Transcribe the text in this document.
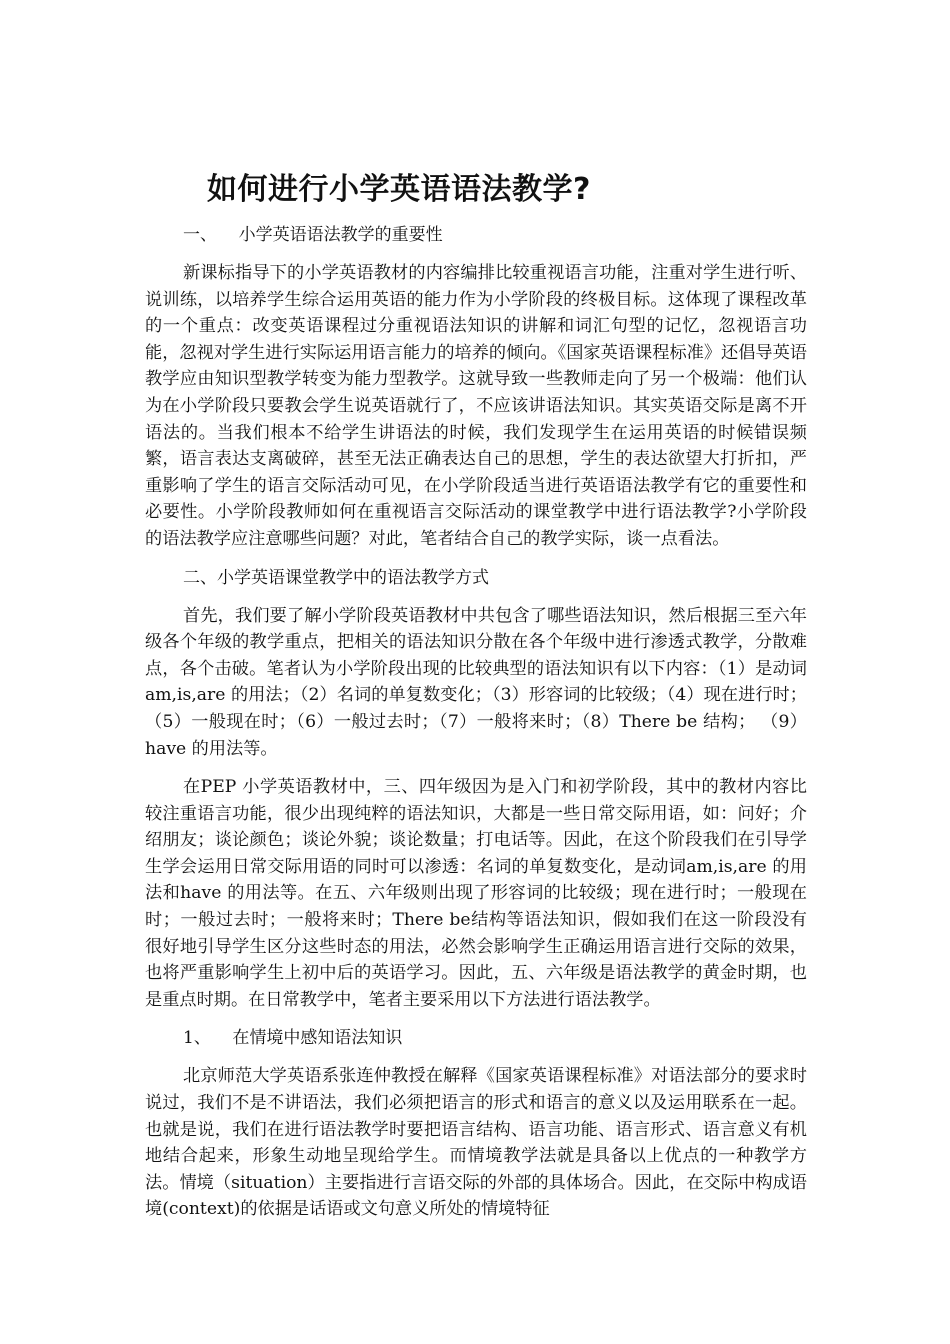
如何进行小学英语语法教学?
一、    小学英语语法教学的重要性

新课标指导下的小学英语教材的内容编排比较重视语言功能，注重对学生进行听、说训练，以培养学生综合运用英语的能力作为小学阶段的终极目标。这体现了课程改革的一个重点：改变英语课程过分重视语法知识的讲解和词汇句型的记忆，忽视语言功能，忽视对学生进行实际运用语言能力的培养的倾向。《国家英语课程标准》还倡导英语教学应由知识型教学转变为能力型教学。这就导致一些教师走向了另一个极端：他们认为在小学阶段只要教会学生说英语就行了，不应该讲语法知识。其实英语交际是离不开语法的。当我们根本不给学生讲语法的时候，我们发现学生在运用英语的时候错误频繁，语言表达支离破碎，甚至无法正确表达自己的思想，学生的表达欲望大打折扣，严重影响了学生的语言交际活动可见，在小学阶段适当进行英语语法教学有它的重要性和必要性。小学阶段教师如何在重视语言交际活动的课堂教学中进行语法教学?小学阶段的语法教学应注意哪些问题？对此，笔者结合自己的教学实际，谈一点看法。

二、小学英语课堂教学中的语法教学方式

首先，我们要了解小学阶段英语教材中共包含了哪些语法知识，然后根据三至六年级各个年级的教学重点，把相关的语法知识分散在各个年级中进行渗透式教学，分散难点，各个击破。笔者认为小学阶段出现的比较典型的语法知识有以下内容：（1）是动词am,is,are 的用法；（2）名词的单复数变化；（3）形容词的比较级；（4）现在进行时；（5）一般现在时；（6）一般过去时；（7）一般将来时；（8）There be 结构； （9）have 的用法等。

在PEP 小学英语教材中，三、四年级因为是入门和初学阶段，其中的教材内容比较注重语言功能，很少出现纯粹的语法知识，大都是一些日常交际用语，如：问好；介绍朋友；谈论颜色；谈论外貌；谈论数量；打电话等。因此，在这个阶段我们在引导学生学会运用日常交际用语的同时可以渗透：名词的单复数变化，是动词am,is,are 的用法和have 的用法等。在五、六年级则出现了形容词的比较级；现在进行时；一般现在时；一般过去时；一般将来时；There be结构等语法知识，假如我们在这一阶段没有很好地引导学生区分这些时态的用法，必然会影响学生正确运用语言进行交际的效果，也将严重影响学生上初中后的英语学习。因此，五、六年级是语法教学的黄金时期，也是重点时期。在日常教学中，笔者主要采用以下方法进行语法教学。

1、    在情境中感知语法知识

北京师范大学英语系张连仲教授在解释《国家英语课程标准》对语法部分的要求时说过，我们不是不讲语法，我们必须把语言的形式和语言的意义以及运用联系在一起。也就是说，我们在进行语法教学时要把语言结构、语言功能、语言形式、语言意义有机地结合起来，形象生动地呈现给学生。而情境教学法就是具备以上优点的一种教学方法。情境（situation）主要指进行言语交际的外部的具体场合。因此，在交际中构成语境(context)的依据是话语或文句意义所处的情境特征
